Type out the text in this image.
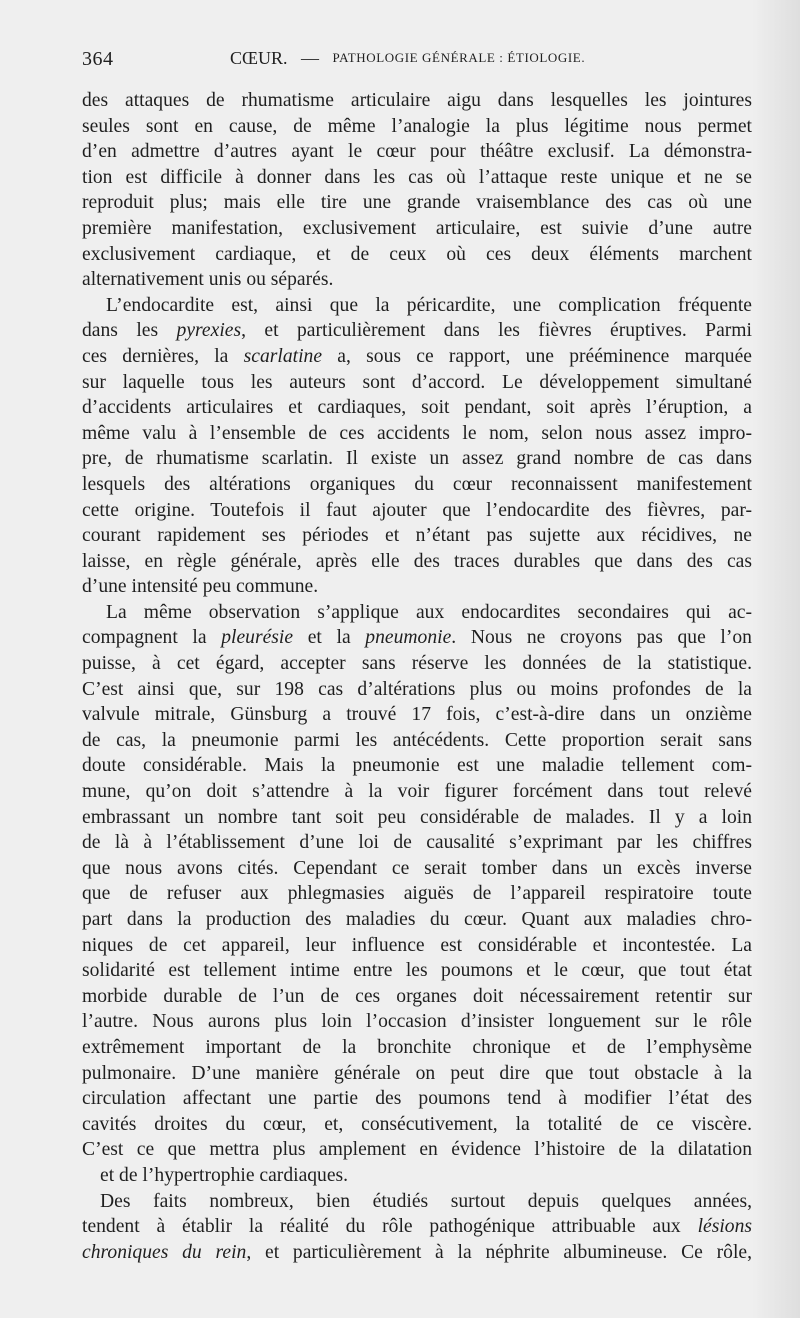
364	CŒUR. — PATHOLOGIE GÉNÉRALE : ÉTIOLOGIE.
des attaques de rhumatisme articulaire aigu dans lesquelles les jointures
seules sont en cause, de même l’analogie la plus légitime nous permet
d’en admettre d’autres ayant le cœur pour théâtre exclusif. La démonstra-
tion est difficile à donner dans les cas où l’attaque reste unique et ne se
reproduit plus; mais elle tire une grande vraisemblance des cas où une
première manifestation, exclusivement articulaire, est suivie d’une autre
exclusivement cardiaque, et de ceux où ces deux éléments marchent
alternativement unis ou séparés.
L’endocardite est, ainsi que la péricardite, une complication fréquente
dans les pyrexies, et particulièrement dans les fièvres éruptives. Parmi
ces dernières, la scarlatine a, sous ce rapport, une prééminence marquée
sur laquelle tous les auteurs sont d’accord. Le développement simultané
d’accidents articulaires et cardiaques, soit pendant, soit après l’éruption, a
même valu à l’ensemble de ces accidents le nom, selon nous assez impro-
pre, de rhumatisme scarlatin. Il existe un assez grand nombre de cas dans
lesquels des altérations organiques du cœur reconnaissent manifestement
cette origine. Toutefois il faut ajouter que l’endocardite des fièvres, par-
courant rapidement ses périodes et n’étant pas sujette aux récidives, ne
laisse, en règle générale, après elle des traces durables que dans des cas
d’une intensité peu commune.
La même observation s’applique aux endocardites secondaires qui ac-
compagnent la pleurésie et la pneumonie. Nous ne croyons pas que l’on
puisse, à cet égard, accepter sans réserve les données de la statistique.
C’est ainsi que, sur 198 cas d’altérations plus ou moins profondes de la
valvule mitrale, Günsburg a trouvé 17 fois, c’est-à-dire dans un onzième
de cas, la pneumonie parmi les antécédents. Cette proportion serait sans
doute considérable. Mais la pneumonie est une maladie tellement com-
mune, qu’on doit s’attendre à la voir figurer forcément dans tout relevé
embrassant un nombre tant soit peu considérable de malades. Il y a loin
de là à l’établissement d’une loi de causalité s’exprimant par les chiffres
que nous avons cités. Cependant ce serait tomber dans un excès inverse
que de refuser aux phlegmasies aiguës de l’appareil respiratoire toute
part dans la production des maladies du cœur. Quant aux maladies chro-
niques de cet appareil, leur influence est considérable et incontestée. La
solidarité est tellement intime entre les poumons et le cœur, que tout état
morbide durable de l’un de ces organes doit nécessairement retentir sur
l’autre. Nous aurons plus loin l’occasion d’insister longuement sur le rôle
extrêmement important de la bronchite chronique et de l’emphysème
pulmonaire. D’une manière générale on peut dire que tout obstacle à la
circulation affectant une partie des poumons tend à modifier l’état des
cavités droites du cœur, et, consécutivement, la totalité de ce viscère.
C’est ce que mettra plus amplement en évidence l’histoire de la dilatation
et de l’hypertrophie cardiaques.
Des faits nombreux, bien étudiés surtout depuis quelques années,
tendent à établir la réalité du rôle pathogénique attribuable aux lésions
chroniques du rein, et particulièrement à la néphrite albumineuse. Ce rôle,
